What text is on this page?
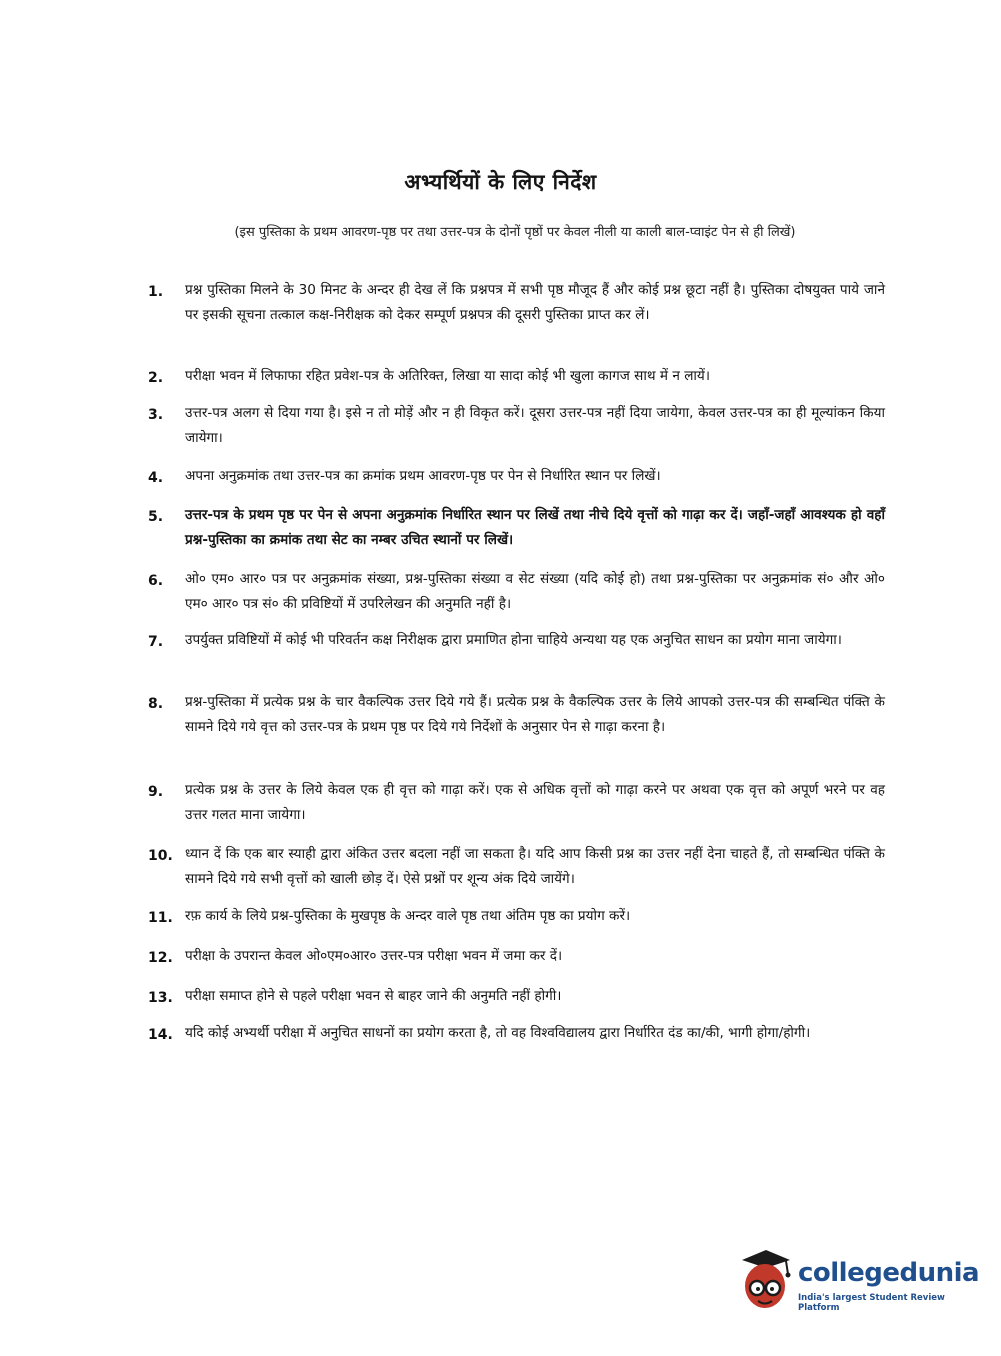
अभ्यर्थियों के लिए निर्देश
(इस पुस्तिका के प्रथम आवरण-पृष्ठ पर तथा उत्तर-पत्र के दोनों पृष्ठों पर केवल नीली या काली बाल-प्वाइंट पेन से ही लिखें)
1.	प्रश्न पुस्तिका मिलने के 30 मिनट के अन्दर ही देख लें कि प्रश्नपत्र में सभी पृष्ठ मौजूद हैं और कोई प्रश्न छूटा नहीं है। पुस्तिका दोषयुक्त पाये जाने पर इसकी सूचना तत्काल कक्ष-निरीक्षक को देकर सम्पूर्ण प्रश्नपत्र की दूसरी पुस्तिका प्राप्त कर लें।
2.	परीक्षा भवन में लिफाफा रहित प्रवेश-पत्र के अतिरिक्त, लिखा या सादा कोई भी खुला कागज साथ में न लायें।
3.	उत्तर-पत्र अलग से दिया गया है। इसे न तो मोड़ें और न ही विकृत करें। दूसरा उत्तर-पत्र नहीं दिया जायेगा, केवल उत्तर-पत्र का ही मूल्यांकन किया जायेगा।
4.	अपना अनुक्रमांक तथा उत्तर-पत्र का क्रमांक प्रथम आवरण-पृष्ठ पर पेन से निर्धारित स्थान पर लिखें।
5.	उत्तर-पत्र के प्रथम पृष्ठ पर पेन से अपना अनुक्रमांक निर्धारित स्थान पर लिखें तथा नीचे दिये वृत्तों को गाढ़ा कर दें। जहाँ-जहाँ आवश्यक हो वहाँ प्रश्न-पुस्तिका का क्रमांक तथा सेट का नम्बर उचित स्थानों पर लिखें।
6.	ओ० एम० आर० पत्र पर अनुक्रमांक संख्या, प्रश्न-पुस्तिका संख्या व सेट संख्या (यदि कोई हो) तथा प्रश्न-पुस्तिका पर अनुक्रमांक सं० और ओ० एम० आर० पत्र सं० की प्रविष्टियों में उपरिलेखन की अनुमति नहीं है।
7.	उपर्युक्त प्रविष्टियों में कोई भी परिवर्तन कक्ष निरीक्षक द्वारा प्रमाणित होना चाहिये अन्यथा यह एक अनुचित साधन का प्रयोग माना जायेगा।
8.	प्रश्न-पुस्तिका में प्रत्येक प्रश्न के चार वैकल्पिक उत्तर दिये गये हैं। प्रत्येक प्रश्न के वैकल्पिक उत्तर के लिये आपको उत्तर-पत्र की सम्बन्धित पंक्ति के सामने दिये गये वृत्त को उत्तर-पत्र के प्रथम पृष्ठ पर दिये गये निर्देशों के अनुसार पेन से गाढ़ा करना है।
9.	प्रत्येक प्रश्न के उत्तर के लिये केवल एक ही वृत्त को गाढ़ा करें। एक से अधिक वृत्तों को गाढ़ा करने पर अथवा एक वृत्त को अपूर्ण भरने पर वह उत्तर गलत माना जायेगा।
10. ध्यान दें कि एक बार स्याही द्वारा अंकित उत्तर बदला नहीं जा सकता है। यदि आप किसी प्रश्न का उत्तर नहीं देना चाहते हैं, तो सम्बन्धित पंक्ति के सामने दिये गये सभी वृत्तों को खाली छोड़ दें। ऐसे प्रश्नों पर शून्य अंक दिये जायेंगे।
11. रफ़ कार्य के लिये प्रश्न-पुस्तिका के मुखपृष्ठ के अन्दर वाले पृष्ठ तथा अंतिम पृष्ठ का प्रयोग करें।
12. परीक्षा के उपरान्त केवल ओ०एम०आर० उत्तर-पत्र परीक्षा भवन में जमा कर दें।
13. परीक्षा समाप्त होने से पहले परीक्षा भवन से बाहर जाने की अनुमति नहीं होगी।
14. यदि कोई अभ्यर्थी परीक्षा में अनुचित साधनों का प्रयोग करता है, तो वह विश्वविद्यालय द्वारा निर्धारित दंड का/की, भागी होगा/होगी।
collegedunia
India's largest Student Review Platform
